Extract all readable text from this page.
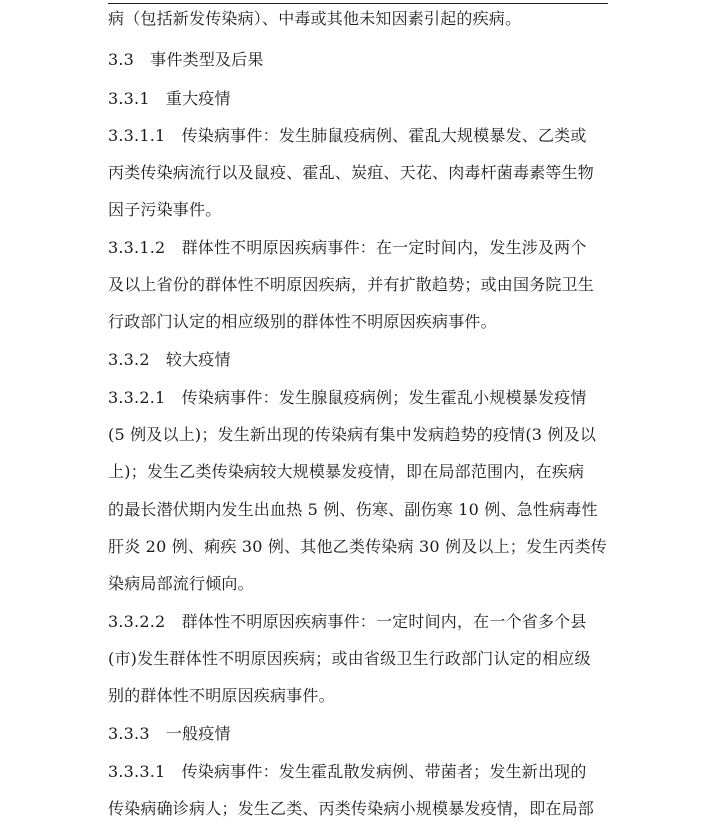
病（包括新发传染病）、中毒或其他未知因素引起的疾病。
3.3　事件类型及后果
3.3.1　重大疫情
3.3.1.1　传染病事件：发生肺鼠疫病例、霍乱大规模暴发、乙类或
丙类传染病流行以及鼠疫、霍乱、炭疽、天花、肉毒杆菌毒素等生物
因子污染事件。
3.3.1.2　群体性不明原因疾病事件：在一定时间内，发生涉及两个
及以上省份的群体性不明原因疾病，并有扩散趋势；或由国务院卫生
行政部门认定的相应级别的群体性不明原因疾病事件。
3.3.2　较大疫情
3.3.2.1　传染病事件：发生腺鼠疫病例；发生霍乱小规模暴发疫情
(5 例及以上)；发生新出现的传染病有集中发病趋势的疫情(3 例及以
上)；发生乙类传染病较大规模暴发疫情，即在局部范围内，在疾病
的最长潜伏期内发生出血热 5 例、伤寒、副伤寒 10 例、急性病毒性
肝炎 20 例、痢疾 30 例、其他乙类传染病 30 例及以上；发生丙类传
染病局部流行倾向。
3.3.2.2　群体性不明原因疾病事件：一定时间内，在一个省多个县
(市)发生群体性不明原因疾病；或由省级卫生行政部门认定的相应级
别的群体性不明原因疾病事件。
3.3.3　一般疫情
3.3.3.1　传染病事件：发生霍乱散发病例、带菌者；发生新出现的
传染病确诊病人；发生乙类、丙类传染病小规模暴发疫情，即在局部
